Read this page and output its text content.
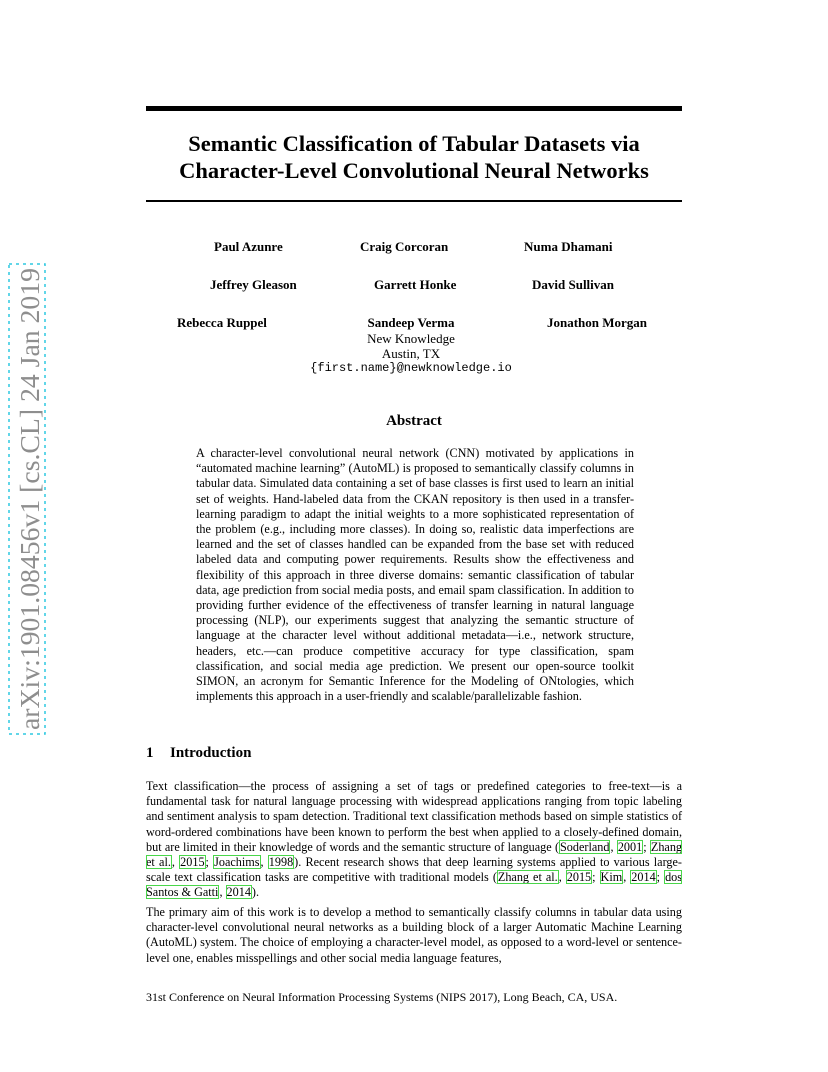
arXiv:1901.08456v1 [cs.CL] 24 Jan 2019
Semantic Classification of Tabular Datasets via Character-Level Convolutional Neural Networks
Paul Azunre	Craig Corcoran	Numa Dhamani
Jeffrey Gleason	Garrett Honke	David Sullivan
Rebecca Ruppel	Sandeep Verma	Jonathon Morgan
New Knowledge
Austin, TX
{first.name}@newknowledge.io
Abstract
A character-level convolutional neural network (CNN) motivated by applications in “automated machine learning” (AutoML) is proposed to semantically classify columns in tabular data. Simulated data containing a set of base classes is first used to learn an initial set of weights. Hand-labeled data from the CKAN repository is then used in a transfer-learning paradigm to adapt the initial weights to a more sophisticated representation of the problem (e.g., including more classes). In doing so, realistic data imperfections are learned and the set of classes handled can be expanded from the base set with reduced labeled data and computing power requirements. Results show the effectiveness and flexibility of this approach in three diverse domains: semantic classification of tabular data, age prediction from social media posts, and email spam classification. In addition to providing further evidence of the effectiveness of transfer learning in natural language processing (NLP), our experiments suggest that analyzing the semantic structure of language at the character level without additional metadata—i.e., network structure, headers, etc.—can produce competitive accuracy for type classification, spam classification, and social media age prediction. We present our open-source toolkit SIMON, an acronym for Semantic Inference for the Modeling of ONtologies, which implements this approach in a user-friendly and scalable/parallelizable fashion.
1 Introduction
Text classification—the process of assigning a set of tags or predefined categories to free-text—is a fundamental task for natural language processing with widespread applications ranging from topic labeling and sentiment analysis to spam detection. Traditional text classification methods based on simple statistics of word-ordered combinations have been known to perform the best when applied to a closely-defined domain, but are limited in their knowledge of words and the semantic structure of language (Soderland, 2001; Zhang et al., 2015; Joachims, 1998). Recent research shows that deep learning systems applied to various large-scale text classification tasks are competitive with traditional models (Zhang et al., 2015; Kim, 2014; dos Santos & Gatti, 2014).
The primary aim of this work is to develop a method to semantically classify columns in tabular data using character-level convolutional neural networks as a building block of a larger Automatic Machine Learning (AutoML) system. The choice of employing a character-level model, as opposed to a word-level or sentence-level one, enables misspellings and other social media language features,
31st Conference on Neural Information Processing Systems (NIPS 2017), Long Beach, CA, USA.
